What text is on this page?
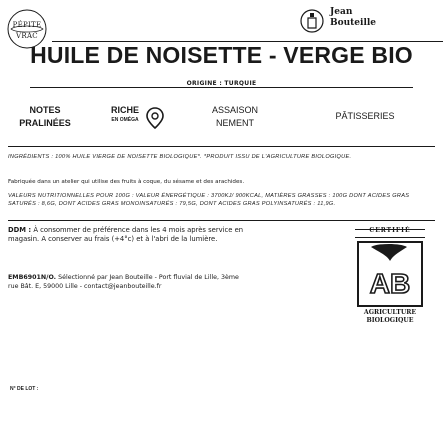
PÉPITE
VRAC
Jean
Bouteille
HUILE DE NOISETTE - VERGE BIO
ORIGINE : TURQUIE
NOTES
PRALINÉES
RICHE
EN OMÉGA
ASSAISON
NEMENT
PÂTISSERIES
INGRÉDIENTS : 100% HUILE VIERGE DE NOISETTE BIOLOGIQUE*. *PRODUIT ISSU DE L'AGRICULTURE BIOLOGIQUE.
Fabriquée dans un atelier qui utilise des fruits à coque, du sésame et des arachides.
VALEURS NUTRITIONNELLES POUR 100G : VALEUR ÉNERGÉTIQUE : 3700KJ/ 900KCAL, MATIÈRES GRASSES : 100G DONT ACIDES GRAS SATURÉS : 8,6G, DONT ACIDES GRAS MONOINSATURÉS : 79,5G, DONT ACIDES GRAS POLYINSATURÉS : 11,9G.
DDM : À consommer de préférence dans les 4 mois après service en magasin. A conserver au frais (+4°c) et à l'abri de la lumière.
EMB6901N/O. Sélectionné par Jean Bouteille - Port fluvial de Lille, 3ème rue Bât. E, 59000 Lille - contact@jeanbouteille.fr
CERTIFIÉ
AB
AGRICULTURE
BIOLOGIQUE
N° DE LOT :
